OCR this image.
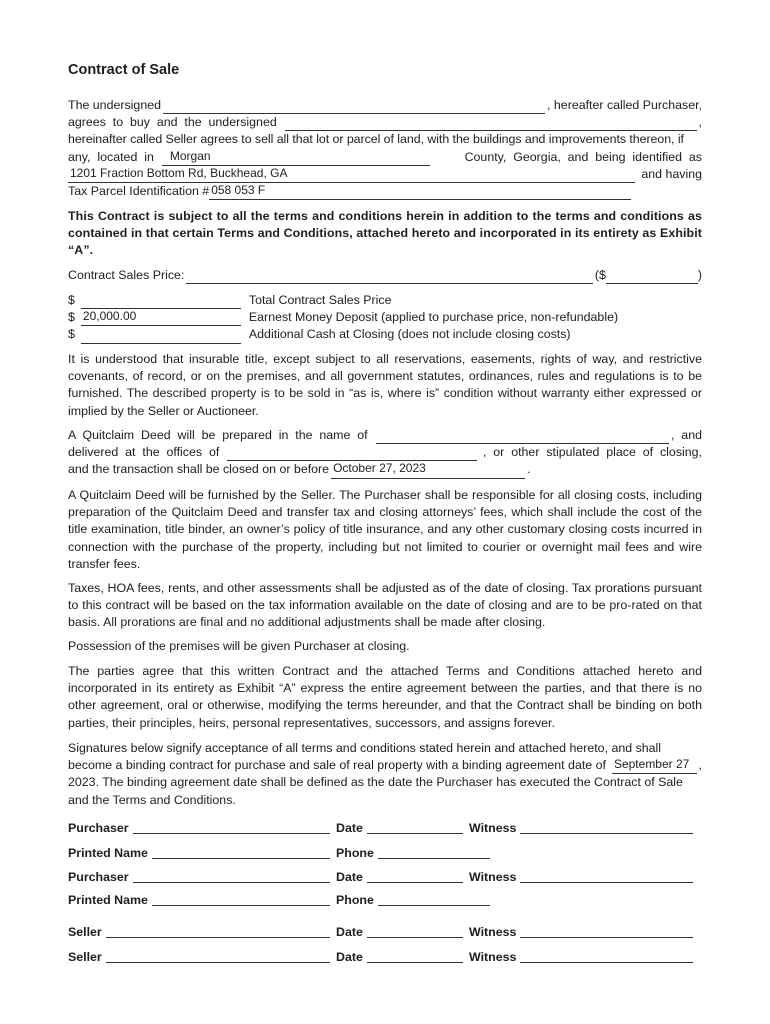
Contract of Sale
The undersigned	, hereafter called Purchaser,
agrees  to  buy  and  the  undersigned	,
hereinafter called Seller agrees to sell all that lot or parcel of land, with the buildings and improvements thereon, if
any,  located  in Morgan	County,  Georgia,  and  being  identified  as
1201 Fraction Bottom Rd, Buckhead, GA	and having
Tax Parcel Identification # 058 053 F
This Contract is subject to all the terms and conditions herein in addition to the terms and conditions as contained in that certain Terms and Conditions, attached hereto and incorporated in its entirety as Exhibit “A”.
Contract Sales Price:	($	)
$	Total Contract Sales Price
$ 20,000.00	Earnest Money Deposit (applied to purchase price, non-refundable)
$	Additional Cash at Closing (does not include closing costs)
It is understood that insurable title, except subject to all reservations, easements, rights of way, and restrictive covenants, of record, or on the premises, and all government statutes, ordinances, rules and regulations is to be furnished. The described property is to be sold in “as is, where is” condition without warranty either expressed or implied by the Seller or Auctioneer.
A  Quitclaim  Deed  will  be  prepared  in  the  name  of	,  and
delivered  at  the  offices  of	,  or  other  stipulated  place  of  closing,
and the transaction shall be closed on or before October 27, 2023	.
A Quitclaim Deed will be furnished by the Seller. The Purchaser shall be responsible for all closing costs, including preparation of the Quitclaim Deed and transfer tax and closing attorneys’ fees, which shall include the cost of the title examination, title binder, an owner’s policy of title insurance, and any other customary closing costs incurred in connection with the purchase of the property, including but not limited to courier or overnight mail fees and wire transfer fees.
Taxes, HOA fees, rents, and other assessments shall be adjusted as of the date of closing. Tax prorations pursuant to this contract will be based on the tax information available on the date of closing and are to be pro-rated on that basis. All prorations are final and no additional adjustments shall be made after closing.
Possession of the premises will be given Purchaser at closing.
The parties agree that this written Contract and the attached Terms and Conditions attached hereto and incorporated in its entirety as Exhibit “A” express the entire agreement between the parties, and that there is no other agreement, oral or otherwise, modifying the terms hereunder, and that the Contract shall be binding on both parties, their principles, heirs, personal representatives, successors, and assigns forever.
Signatures below signify acceptance of all terms and conditions stated herein and attached hereto, and shall
become a binding contract for purchase and sale of real property with a binding agreement date of September 27 ,
2023. The binding agreement date shall be defined as the date the Purchaser has executed the Contract of Sale
and the Terms and Conditions.
Purchaser	Date	Witness
Printed Name	Phone
Purchaser	Date	Witness
Printed Name	Phone
Seller	Date	Witness
Seller	Date	Witness
